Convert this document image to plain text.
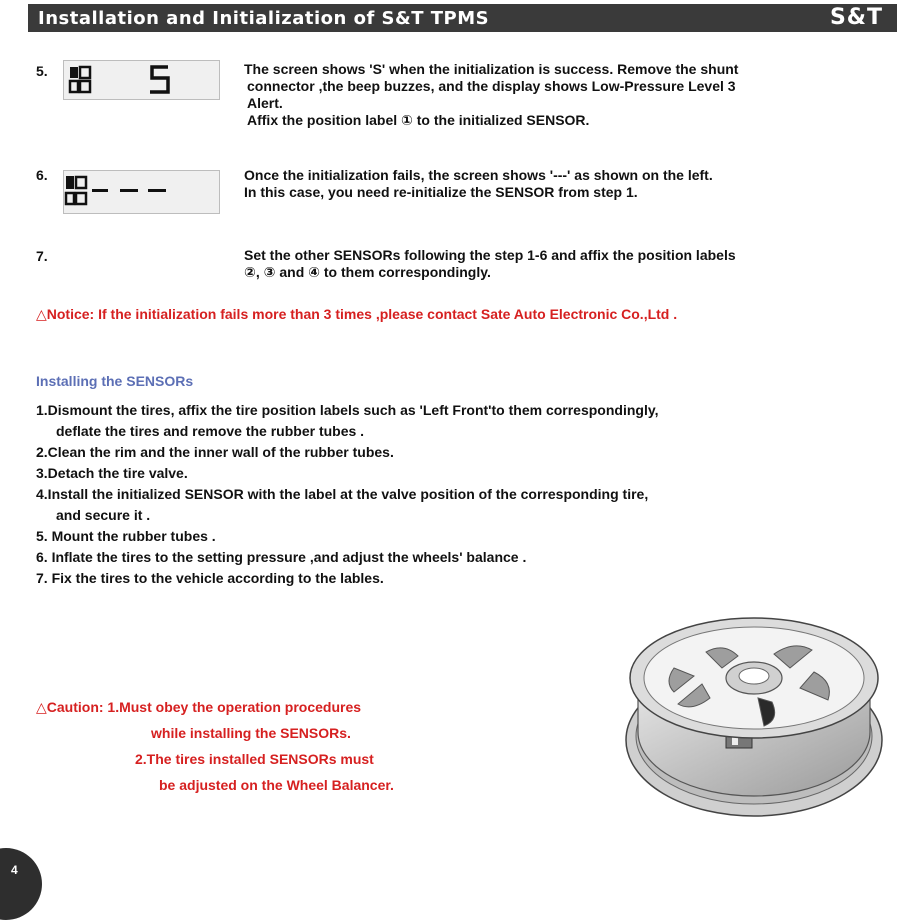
Installation and Initialization of S&T TPMS	S&T
5.	The screen shows 'S' when the initialization is success. Remove the shunt
connector ,the beep buzzes, and the display shows Low-Pressure Level 3
Alert.
Affix the position label ① to the initialized SENSOR.

6.	Once the initialization fails, the screen shows '---' as shown on the left.
In this case, you need re-initialize the SENSOR from step 1.

7.	Set the other SENSORs following the step 1-6 and affix the position labels
②, ③ and ④ to them correspondingly.

△Notice: If the initialization fails more than 3 times ,please contact Sate Auto Electronic Co.,Ltd .

Installing the SENSORs

1.Dismount the tires, affix the tire position labels such as 'Left Front'to them correspondingly,
deflate the tires and remove the rubber tubes .
2.Clean the rim and the inner wall of the rubber tubes.
3.Detach the tire valve.
4.Install the initialized SENSOR with the label at the valve position of the corresponding tire,
and secure it .
5. Mount the rubber tubes .
6. Inflate the tires to the setting pressure ,and adjust the wheels' balance .
7. Fix the tires to the vehicle according to the lables.
△Caution: 1.Must obey the operation procedures
while installing the SENSORs.
2.The tires installed SENSORs must
be adjusted on the Wheel Balancer.
4
